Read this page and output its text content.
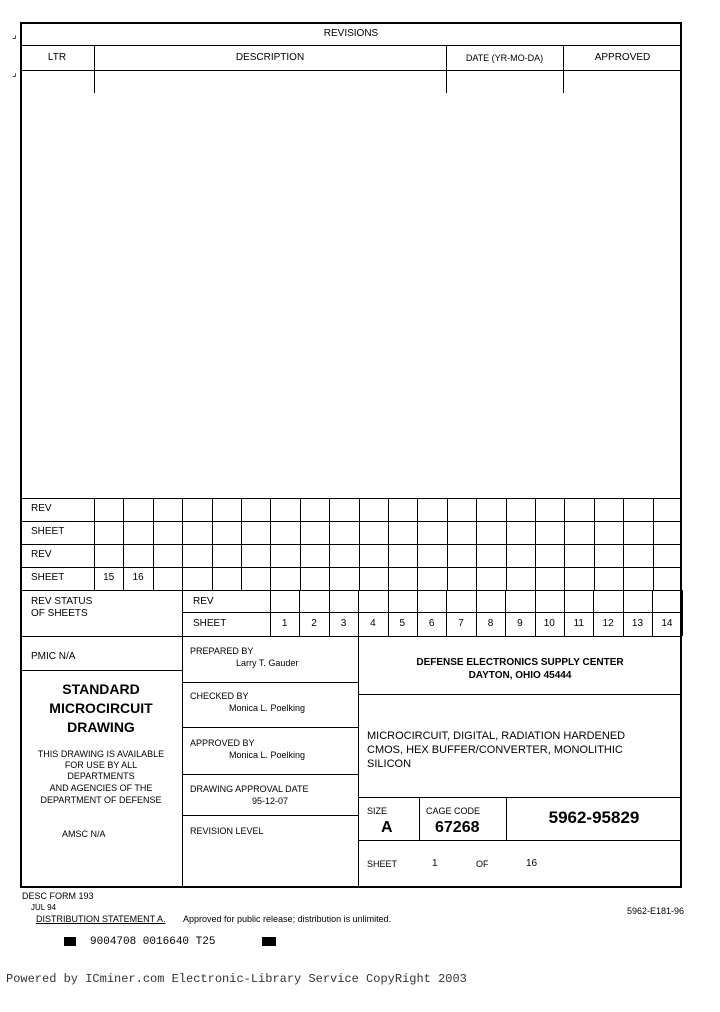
REVISIONS
LTR	DESCRIPTION	DATE (YR-MO-DA)	APPROVED
REV
SHEET
REV
SHEET	15	16
REV STATUS
OF SHEETS
REV
SHEET	1	2	3	4	5	6	7	8	9	10	11	12	13	14
PMIC N/A
STANDARD
MICROCIRCUIT
DRAWING
THIS DRAWING IS AVAILABLE
FOR USE BY ALL
DEPARTMENTS
AND AGENCIES OF THE
DEPARTMENT OF DEFENSE
AMSC N/A
PREPARED BY
Larry T. Gauder
CHECKED BY
Monica L. Poelking
APPROVED BY
Monica L. Poelking
DRAWING APPROVAL DATE
95-12-07
REVISION LEVEL
DEFENSE ELECTRONICS SUPPLY CENTER
DAYTON, OHIO 45444
MICROCIRCUIT, DIGITAL, RADIATION HARDENED
CMOS, HEX BUFFER/CONVERTER, MONOLITHIC
SILICON
SIZE
A
CAGE CODE
67268
5962-95829
SHEET	1	OF	16
DESC FORM 193
JUL 94
DISTRIBUTION STATEMENT A. Approved for public release; distribution is unlimited.
5962-E181-96
9004708 0016640 T25
Powered by ICminer.com Electronic-Library Service CopyRight 2003
⌟
⌟
